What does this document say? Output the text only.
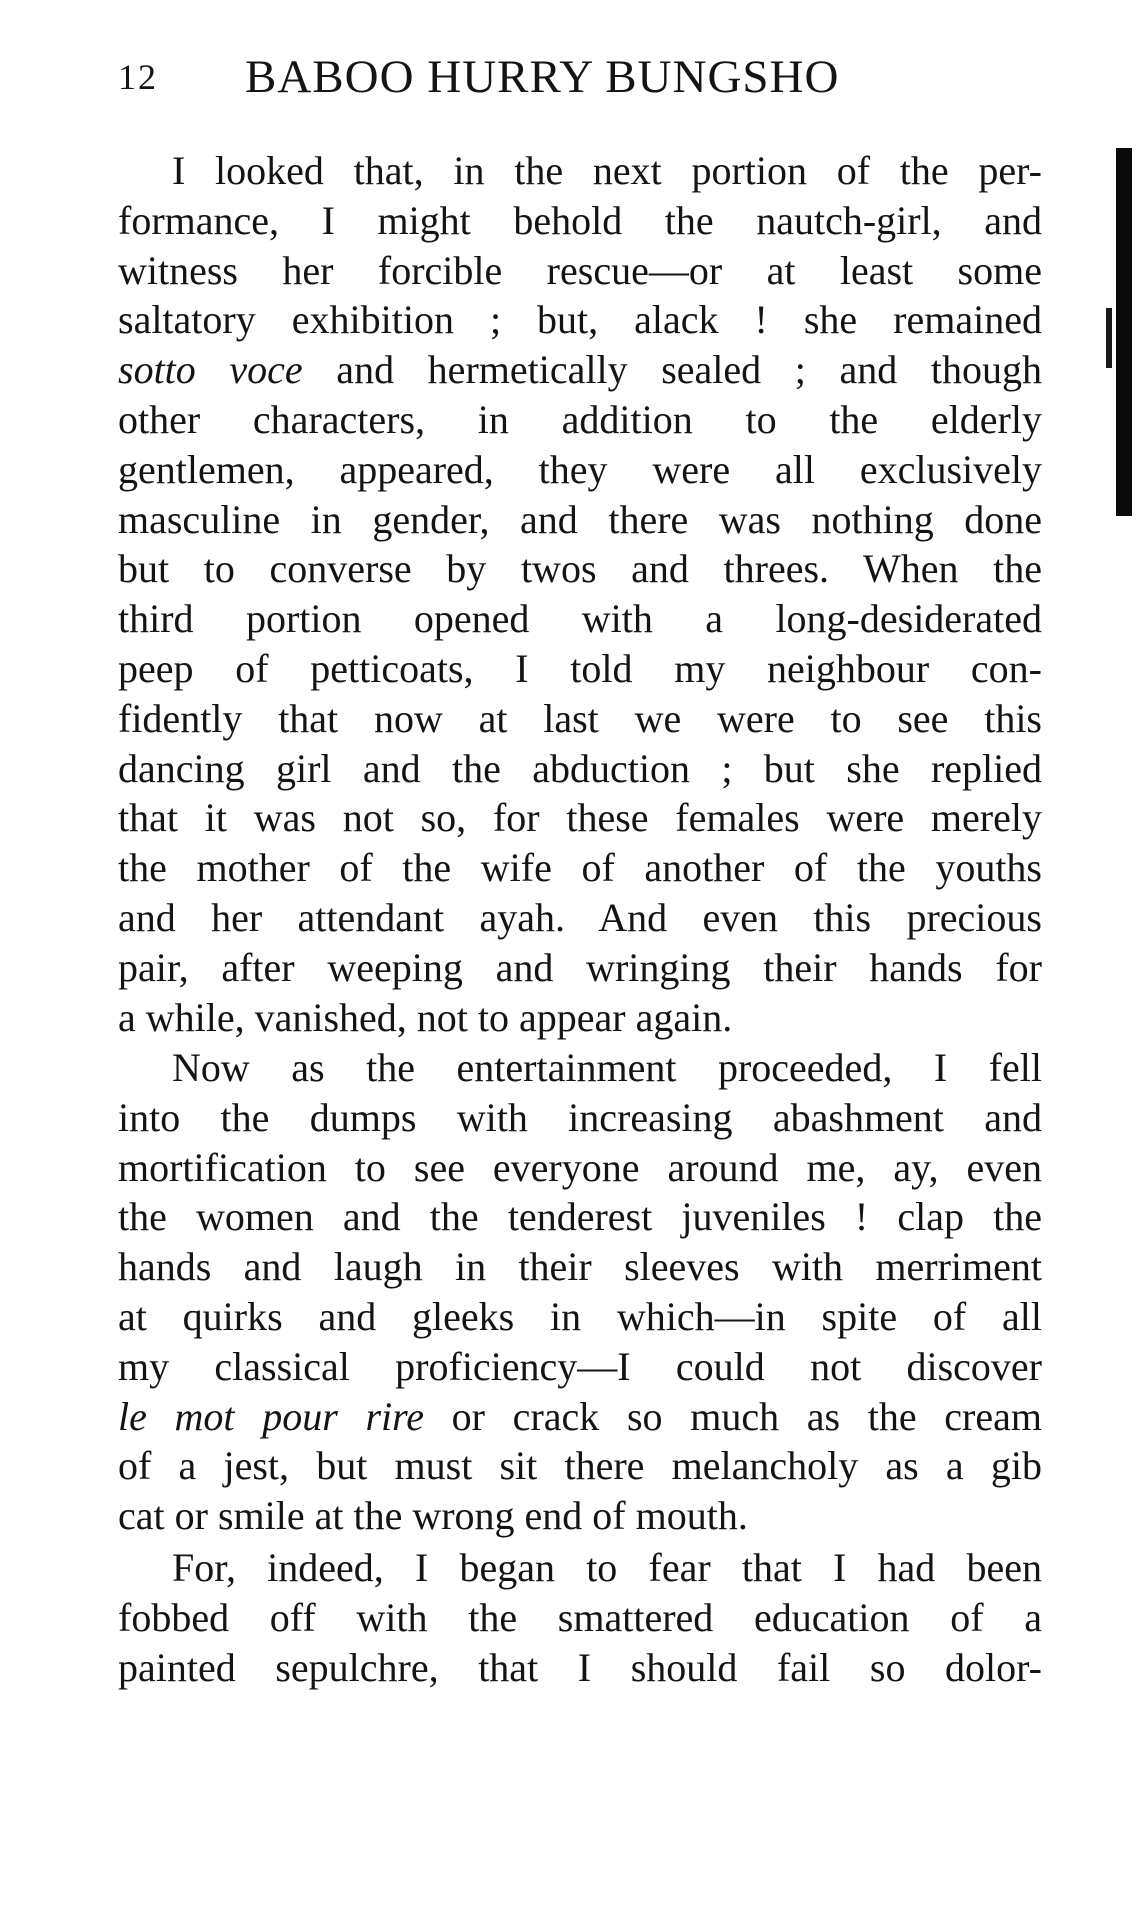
12 BABOO HURRY BUNGSHO
I looked that, in the next portion of the per-
formance, I might behold the nautch-girl, and
witness her forcible rescue—or at least some
saltatory exhibition ; but, alack ! she remained
sotto voce and hermetically sealed ; and though
other characters, in addition to the elderly
gentlemen, appeared, they were all exclusively
masculine in gender, and there was nothing done
but to converse by twos and threes. When the
third portion opened with a long-desiderated
peep of petticoats, I told my neighbour con-
fidently that now at last we were to see this
dancing girl and the abduction ; but she replied
that it was not so, for these females were merely
the mother of the wife of another of the youths
and her attendant ayah. And even this precious
pair, after weeping and wringing their hands for
a while, vanished, not to appear again.
Now as the entertainment proceeded, I fell
into the dumps with increasing abashment and
mortification to see everyone around me, ay, even
the women and the tenderest juveniles ! clap the
hands and laugh in their sleeves with merriment
at quirks and gleeks in which—in spite of all
my classical proficiency—I could not discover
le mot pour rire or crack so much as the cream
of a jest, but must sit there melancholy as a gib
cat or smile at the wrong end of mouth.
For, indeed, I began to fear that I had been
fobbed off with the smattered education of a
painted sepulchre, that I should fail so dolor-
